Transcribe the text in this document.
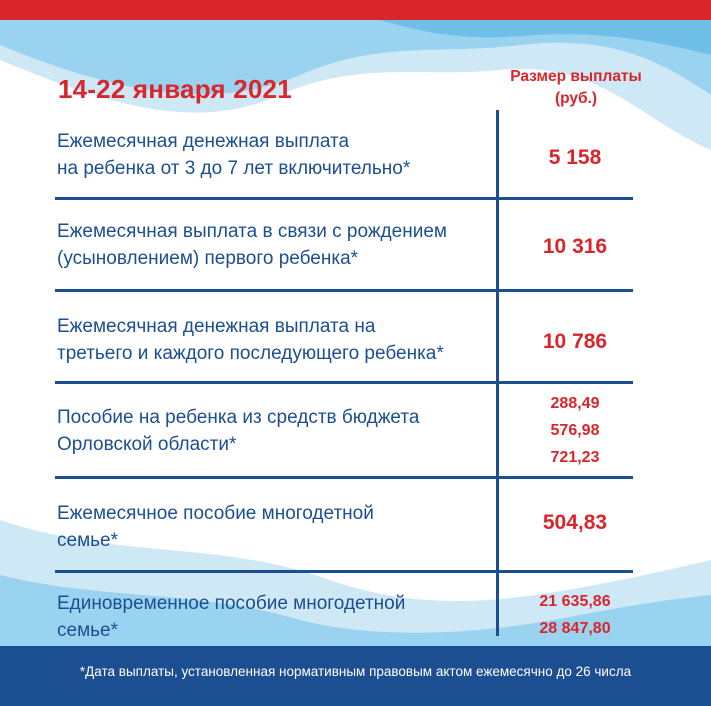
14-22 января 2021	Размер выплаты
(руб.)
Ежемесячная денежная выплата
на ребенка от 3 до 7 лет включительно*	5 158
Ежемесячная выплата в связи с рождением
(усыновлением) первого ребенка*
10 316
Ежемесячная денежная выплата на
третьего и каждого последующего ребенка*
10 786
Пособие на ребенка из средств бюджета
Орловской области*
288,49
576,98
721,23
Ежемесячное пособие многодетной
семье*
504,83
Единовременное пособие многодетной
семье*
21 635,86
28 847,80
*Дата выплаты, установленная нормативным правовым актом ежемесячно до 26 числа
